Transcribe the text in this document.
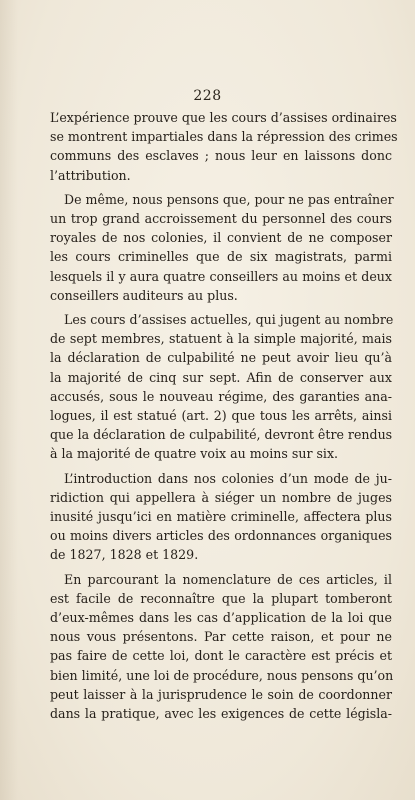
228
L’expérience prouve que les cours d’assises ordinaires
se montrent impartiales dans la répression des crimes
communs des esclaves ; nous leur en laissons donc
l’attribution.
De même, nous pensons que, pour ne pas entraîner
un trop grand accroissement du personnel des cours
royales de nos colonies, il convient de ne composer
les cours criminelles que de six magistrats, parmi
lesquels il y aura quatre conseillers au moins et deux
conseillers auditeurs au plus.
Les cours d’assises actuelles, qui jugent au nombre
de sept membres, statuent à la simple majorité, mais
la déclaration de culpabilité ne peut avoir lieu qu’à
la majorité de cinq sur sept. Afin de conserver aux
accusés, sous le nouveau régime, des garanties ana-
logues, il est statué (art. 2) que tous les arrêts, ainsi
que la déclaration de culpabilité, devront être rendus
à la majorité de quatre voix au moins sur six.
L’introduction dans nos colonies d’un mode de ju-
ridiction qui appellera à siéger un nombre de juges
inusité jusqu’ici en matière criminelle, affectera plus
ou moins divers articles des ordonnances organiques
de 1827, 1828 et 1829.
En parcourant la nomenclature de ces articles, il
est facile de reconnaître que la plupart tomberont
d’eux-mêmes dans les cas d’application de la loi que
nous vous présentons. Par cette raison, et pour ne
pas faire de cette loi, dont le caractère est précis et
bien limité, une loi de procédure, nous pensons qu’on
peut laisser à la jurisprudence le soin de coordonner
dans la pratique, avec les exigences de cette législa-
